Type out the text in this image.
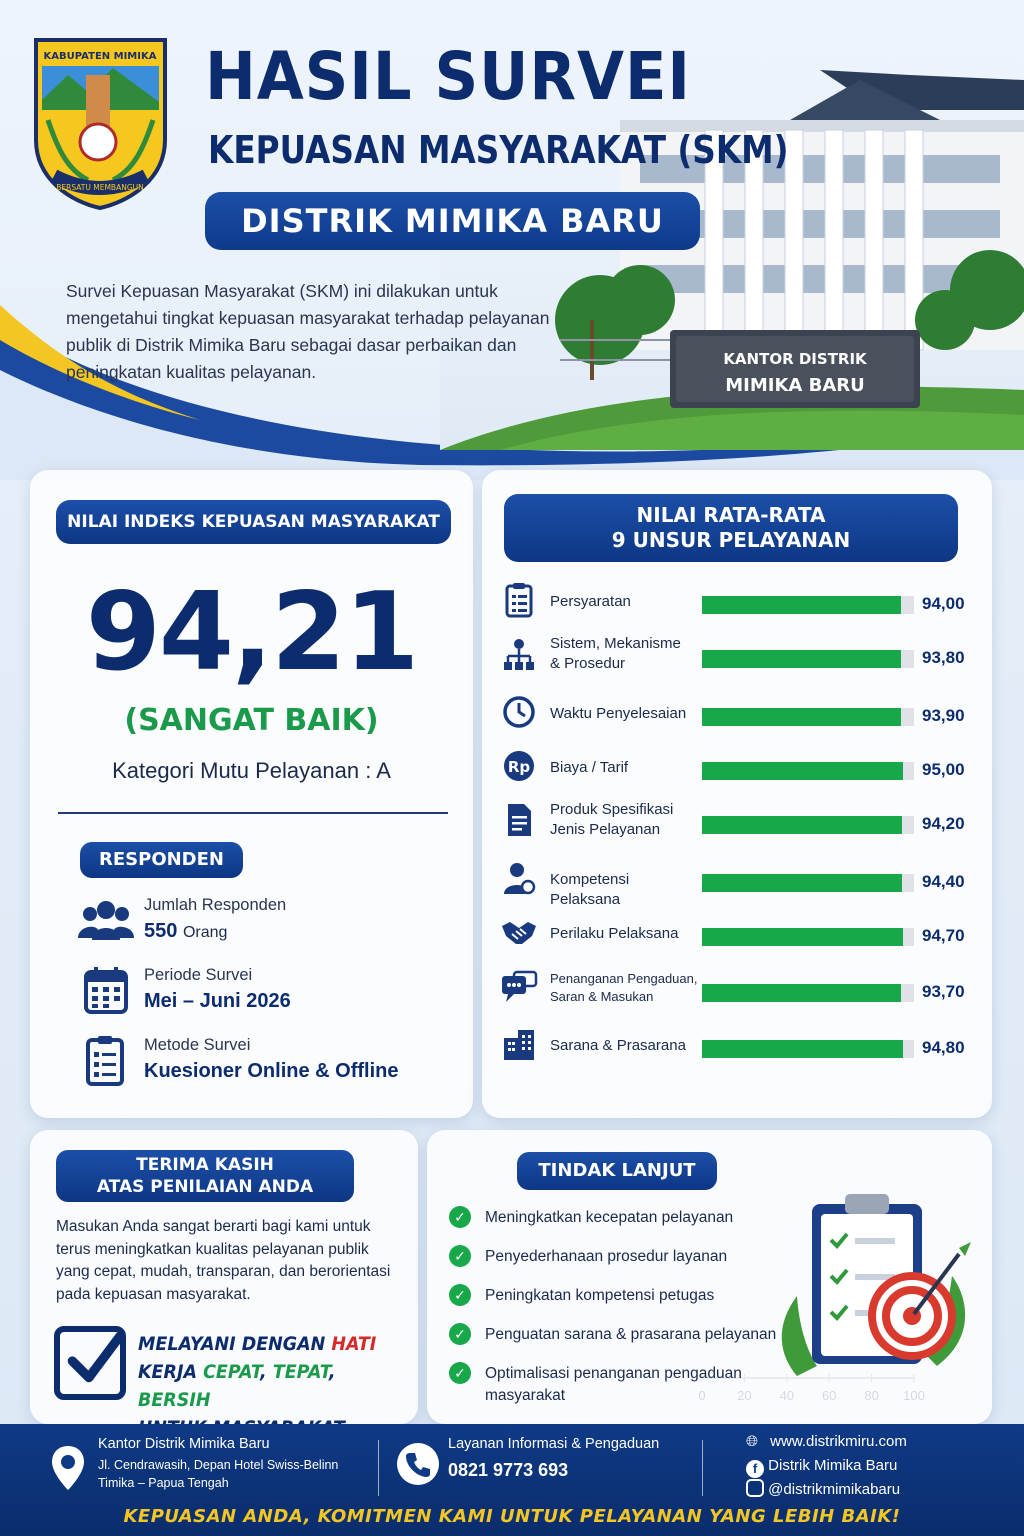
KANTOR DISTRIK
MIMIKA BARU
KABUPATEN MIMIKA
BERSATU MEMBANGUN
HASIL SURVEI
KEPUASAN MASYARAKAT (SKM)
DISTRIK MIMIKA BARU
Survei Kepuasan Masyarakat (SKM) ini dilakukan untuk mengetahui tingkat kepuasan masyarakat terhadap pelayanan publik di Distrik Mimika Baru sebagai dasar perbaikan dan peningkatan kualitas pelayanan.
NILAI INDEKS KEPUASAN MASYARAKAT
94,21
(SANGAT BAIK)
Kategori Mutu Pelayanan : A
RESPONDEN
Jumlah Responden
550 Orang
Periode Survei
Mei – Juni 2026
Metode Survei
Kuesioner Online & Offline
NILAI RATA-RATA
9 UNSUR PELAYANAN
Persyaratan	94,00
Sistem, Mekanisme
& Prosedur	93,80
Waktu Penyelesaian	93,90
Rp Biaya / Tarif	95,00
Produk Spesifikasi
Jenis Pelayanan	94,20
Kompetensi Pelaksana
94,40
Perilaku Pelaksana	94,70
Penanganan Pengaduan,
Saran & Masukan	93,70
Sarana & Prasarana	94,80
TERIMA KASIH
ATAS PENILAIAN ANDA
Masukan Anda sangat berarti bagi kami untuk terus meningkatkan kualitas pelayanan publik yang cepat, mudah, transparan, dan berorientasi pada kepuasan masyarakat.
MELAYANI DENGAN HATI
KERJA CEPAT, TEPAT, BERSIH
TINDAK LANJUT
✓	Meningkatkan kecepatan pelayanan
✓	Penyederhanaan prosedur layanan
✓	Peningkatan kompetensi petugas
✓	Penguatan sarana & prasarana pelayanan
✓	Optimalisasi penanganan pengaduan masyarakat
Kantor Distrik Mimika Baru
Jl. Cendrawasih, Depan Hotel Swiss-Belinn
Timika – Papua Tengah
Layanan Informasi & Pengaduan
0821 9773 693
🌐︎ www.distrikmiru.com
f Distrik Mimika Baru
@distrikmimikabaru
KEPUASAN ANDA, KOMITMEN KAMI UNTUK PELAYANAN YANG LEBIH BAIK!
